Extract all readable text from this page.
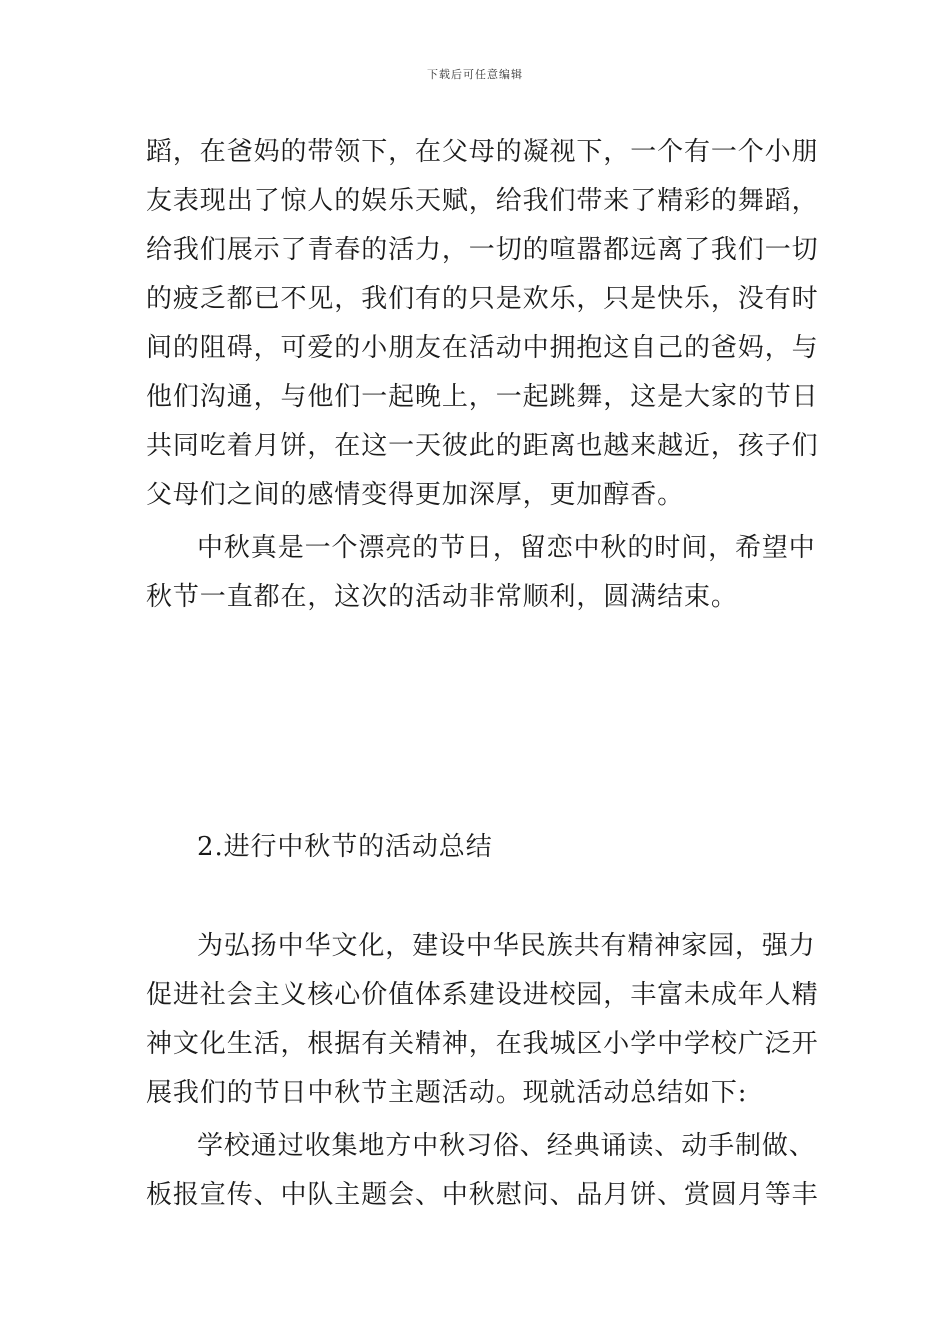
下载后可任意编辑
蹈，在爸妈的带领下，在父母的凝视下，一个有一个小朋
友表现出了惊人的娱乐天赋，给我们带来了精彩的舞蹈，
给我们展示了青春的活力，一切的喧嚣都远离了我们一切
的疲乏都已不见，我们有的只是欢乐，只是快乐，没有时
间的阻碍，可爱的小朋友在活动中拥抱这自己的爸妈，与
他们沟通，与他们一起晚上，一起跳舞，这是大家的节日
共同吃着月饼，在这一天彼此的距离也越来越近，孩子们
父母们之间的感情变得更加深厚，更加醇香。
中秋真是一个漂亮的节日，留恋中秋的时间，希望中
秋节一直都在，这次的活动非常顺利，圆满结束。
2.进行中秋节的活动总结
为弘扬中华文化，建设中华民族共有精神家园，强力
促进社会主义核心价值体系建设进校园，丰富未成年人精
神文化生活，根据有关精神，在我城区小学中学校广泛开
展我们的节日中秋节主题活动。现就活动总结如下:
学校通过收集地方中秋习俗、经典诵读、动手制做、
板报宣传、中队主题会、中秋慰问、品月饼、赏圆月等丰
